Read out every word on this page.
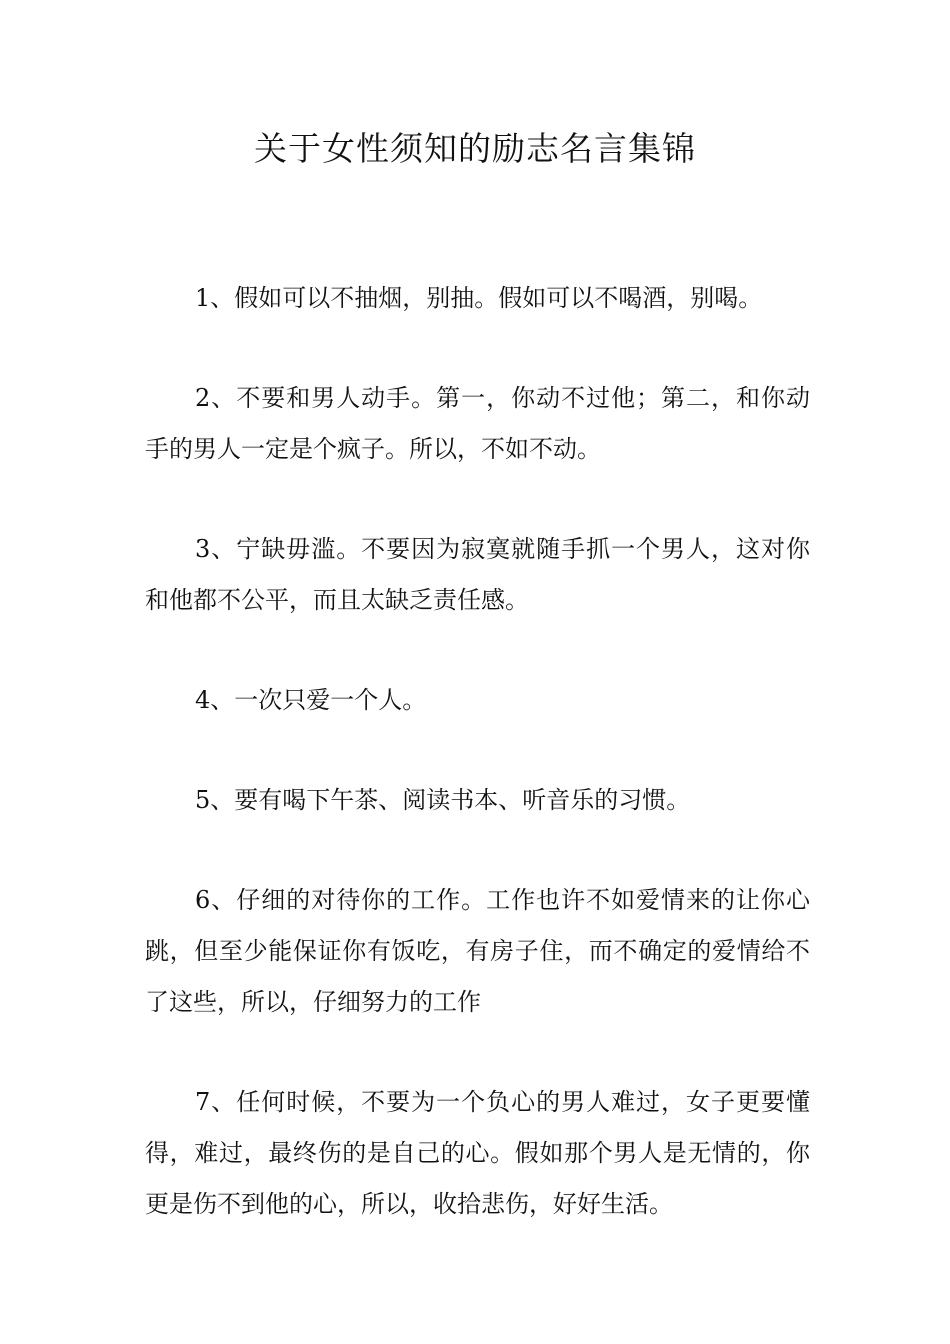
关于女性须知的励志名言集锦

1、假如可以不抽烟，别抽。假如可以不喝酒，别喝。

2、不要和男人动手。第一，你动不过他；第二，和你动手的男人一定是个疯子。所以，不如不动。

3、宁缺毋滥。不要因为寂寞就随手抓一个男人，这对你和他都不公平，而且太缺乏责任感。

4、一次只爱一个人。

5、要有喝下午茶、阅读书本、听音乐的习惯。

6、仔细的对待你的工作。工作也许不如爱情来的让你心跳，但至少能保证你有饭吃，有房子住，而不确定的爱情给不了这些，所以，仔细努力的工作

7、任何时候，不要为一个负心的男人难过，女子更要懂得，难过，最终伤的是自己的心。假如那个男人是无情的，你更是伤不到他的心，所以，收拾悲伤，好好生活。
